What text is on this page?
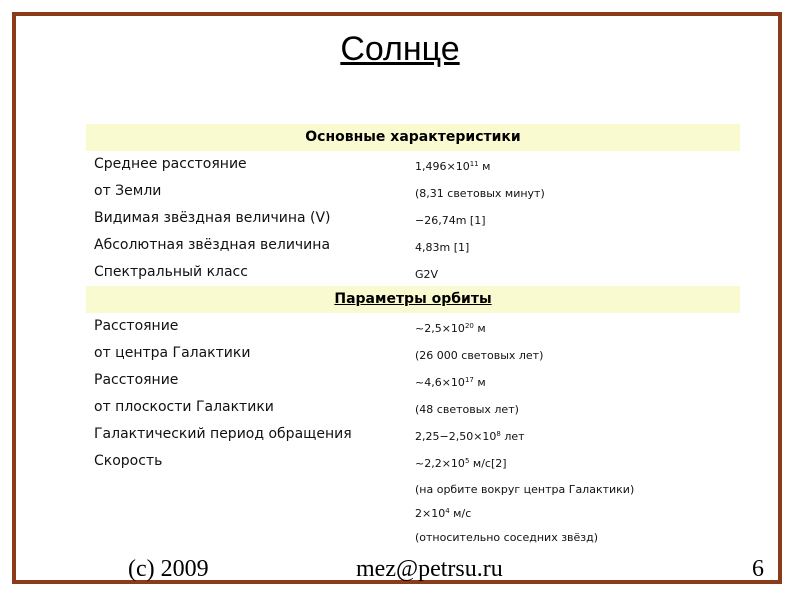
Солнце
Основные характеристики
Среднее расстояние	$1,496\times 10^{11}$ м
от Земли	(8,31 световых минут)
Видимая звёздная величина (V)	−26,74m [1]
Абсолютная звёздная величина	4,83m [1]
Спектральный класс	G2V
Параметры орбиты
Расстояние	$\sim 2,5\times 10^{20}$ м
от центра Галактики	(26 000 световых лет)
Расстояние	$\sim 4,6\times 10^{17}$ м
от плоскости Галактики	(48 световых лет)
Галактический период обращения	$2,25-2,50\times 10^8$ лет
Скорость	$\sim 2,2\times 10^5$ м/с[2]
(на орбите вокруг центра Галактики)
$2\times 10^4$ м/с
(относительно соседних звёзд)
(c) 2009	mez@petrsu.ru	6
